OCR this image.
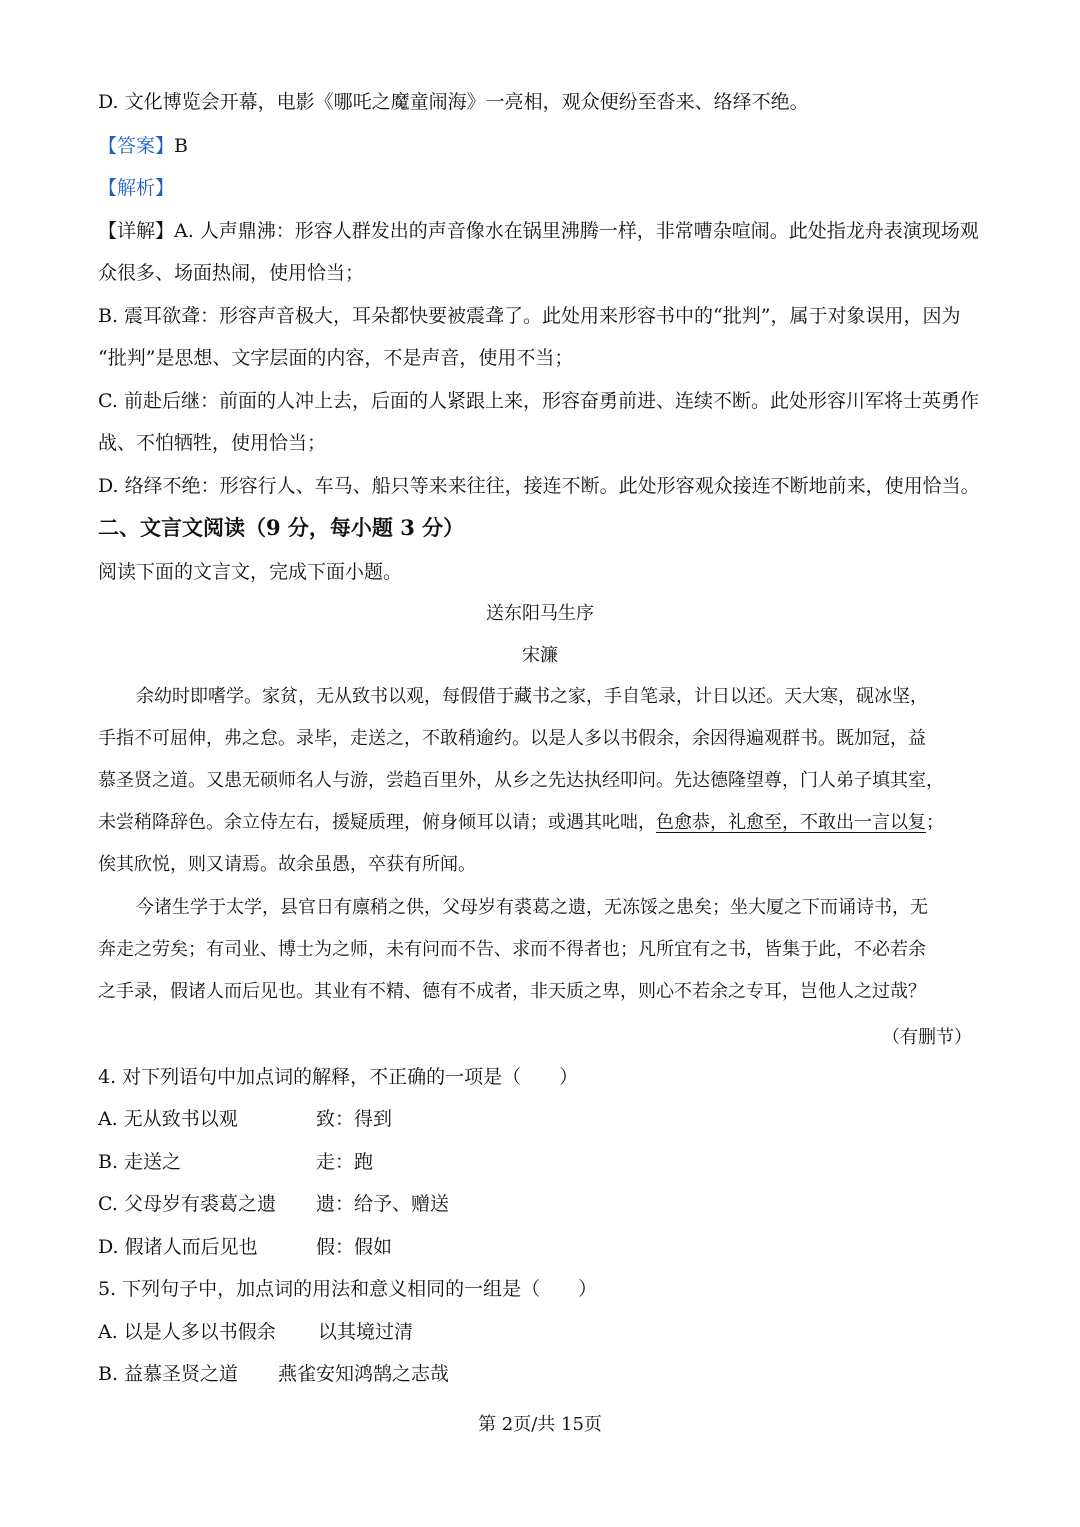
D. 文化博览会开幕，电影《哪吒之魔童闹海》一亮相，观众便纷至沓来、络绎不绝。
【答案】B
【解析】
【详解】A. 人声鼎沸：形容人群发出的声音像水在锅里沸腾一样，非常嘈杂喧闹。此处指龙舟表演现场观
众很多、场面热闹，使用恰当；
B. 震耳欲聋：形容声音极大，耳朵都快要被震聋了。此处用来形容书中的“批判”，属于对象误用，因为
“批判”是思想、文字层面的内容，不是声音，使用不当；
C. 前赴后继：前面的人冲上去，后面的人紧跟上来，形容奋勇前进、连续不断。此处形容川军将士英勇作
战、不怕牺牲，使用恰当；
D. 络绎不绝：形容行人、车马、船只等来来往往，接连不断。此处形容观众接连不断地前来，使用恰当。
二、文言文阅读（9 分，每小题 3 分）
阅读下面的文言文，完成下面小题。
送东阳马生序
宋濂
余幼时即嗜学。家贫，无从致书以观，每假借于藏书之家，手自笔录，计日以还。天大寒，砚冰坚，
手指不可屈伸，弗之怠。录毕，走送之，不敢稍逾约。以是人多以书假余，余因得遍观群书。既加冠，益
慕圣贤之道。又患无硕师名人与游，尝趋百里外，从乡之先达执经叩问。先达德隆望尊，门人弟子填其室，
未尝稍降辞色。余立侍左右，援疑质理，俯身倾耳以请；或遇其叱咄，色愈恭，礼愈至，不敢出一言以复；
俟其欣悦，则又请焉。故余虽愚，卒获有所闻。
今诸生学于太学，县官日有廪稍之供，父母岁有裘葛之遗，无冻馁之患矣；坐大厦之下而诵诗书，无
奔走之劳矣；有司业、博士为之师，未有问而不告、求而不得者也；凡所宜有之书，皆集于此，不必若余
之手录，假诸人而后见也。其业有不精、德有不成者，非天质之卑，则心不若余之专耳，岂他人之过哉？
（有删节）
4. 对下列语句中加点词的解释，不正确的一项是（　　）
A. 无从致书以观	致：得到
B. 走送之	走：跑
C. 父母岁有裘葛之遗 遗：给予、赠送
D. 假诸人而后见也	假：假如
5. 下列句子中，加点词的用法和意义相同的一组是（　　）
A. 以是人多以书假余 以其境过清
B. 益慕圣贤之道 燕雀安知鸿鹄之志哉
第 2页/共 15页
